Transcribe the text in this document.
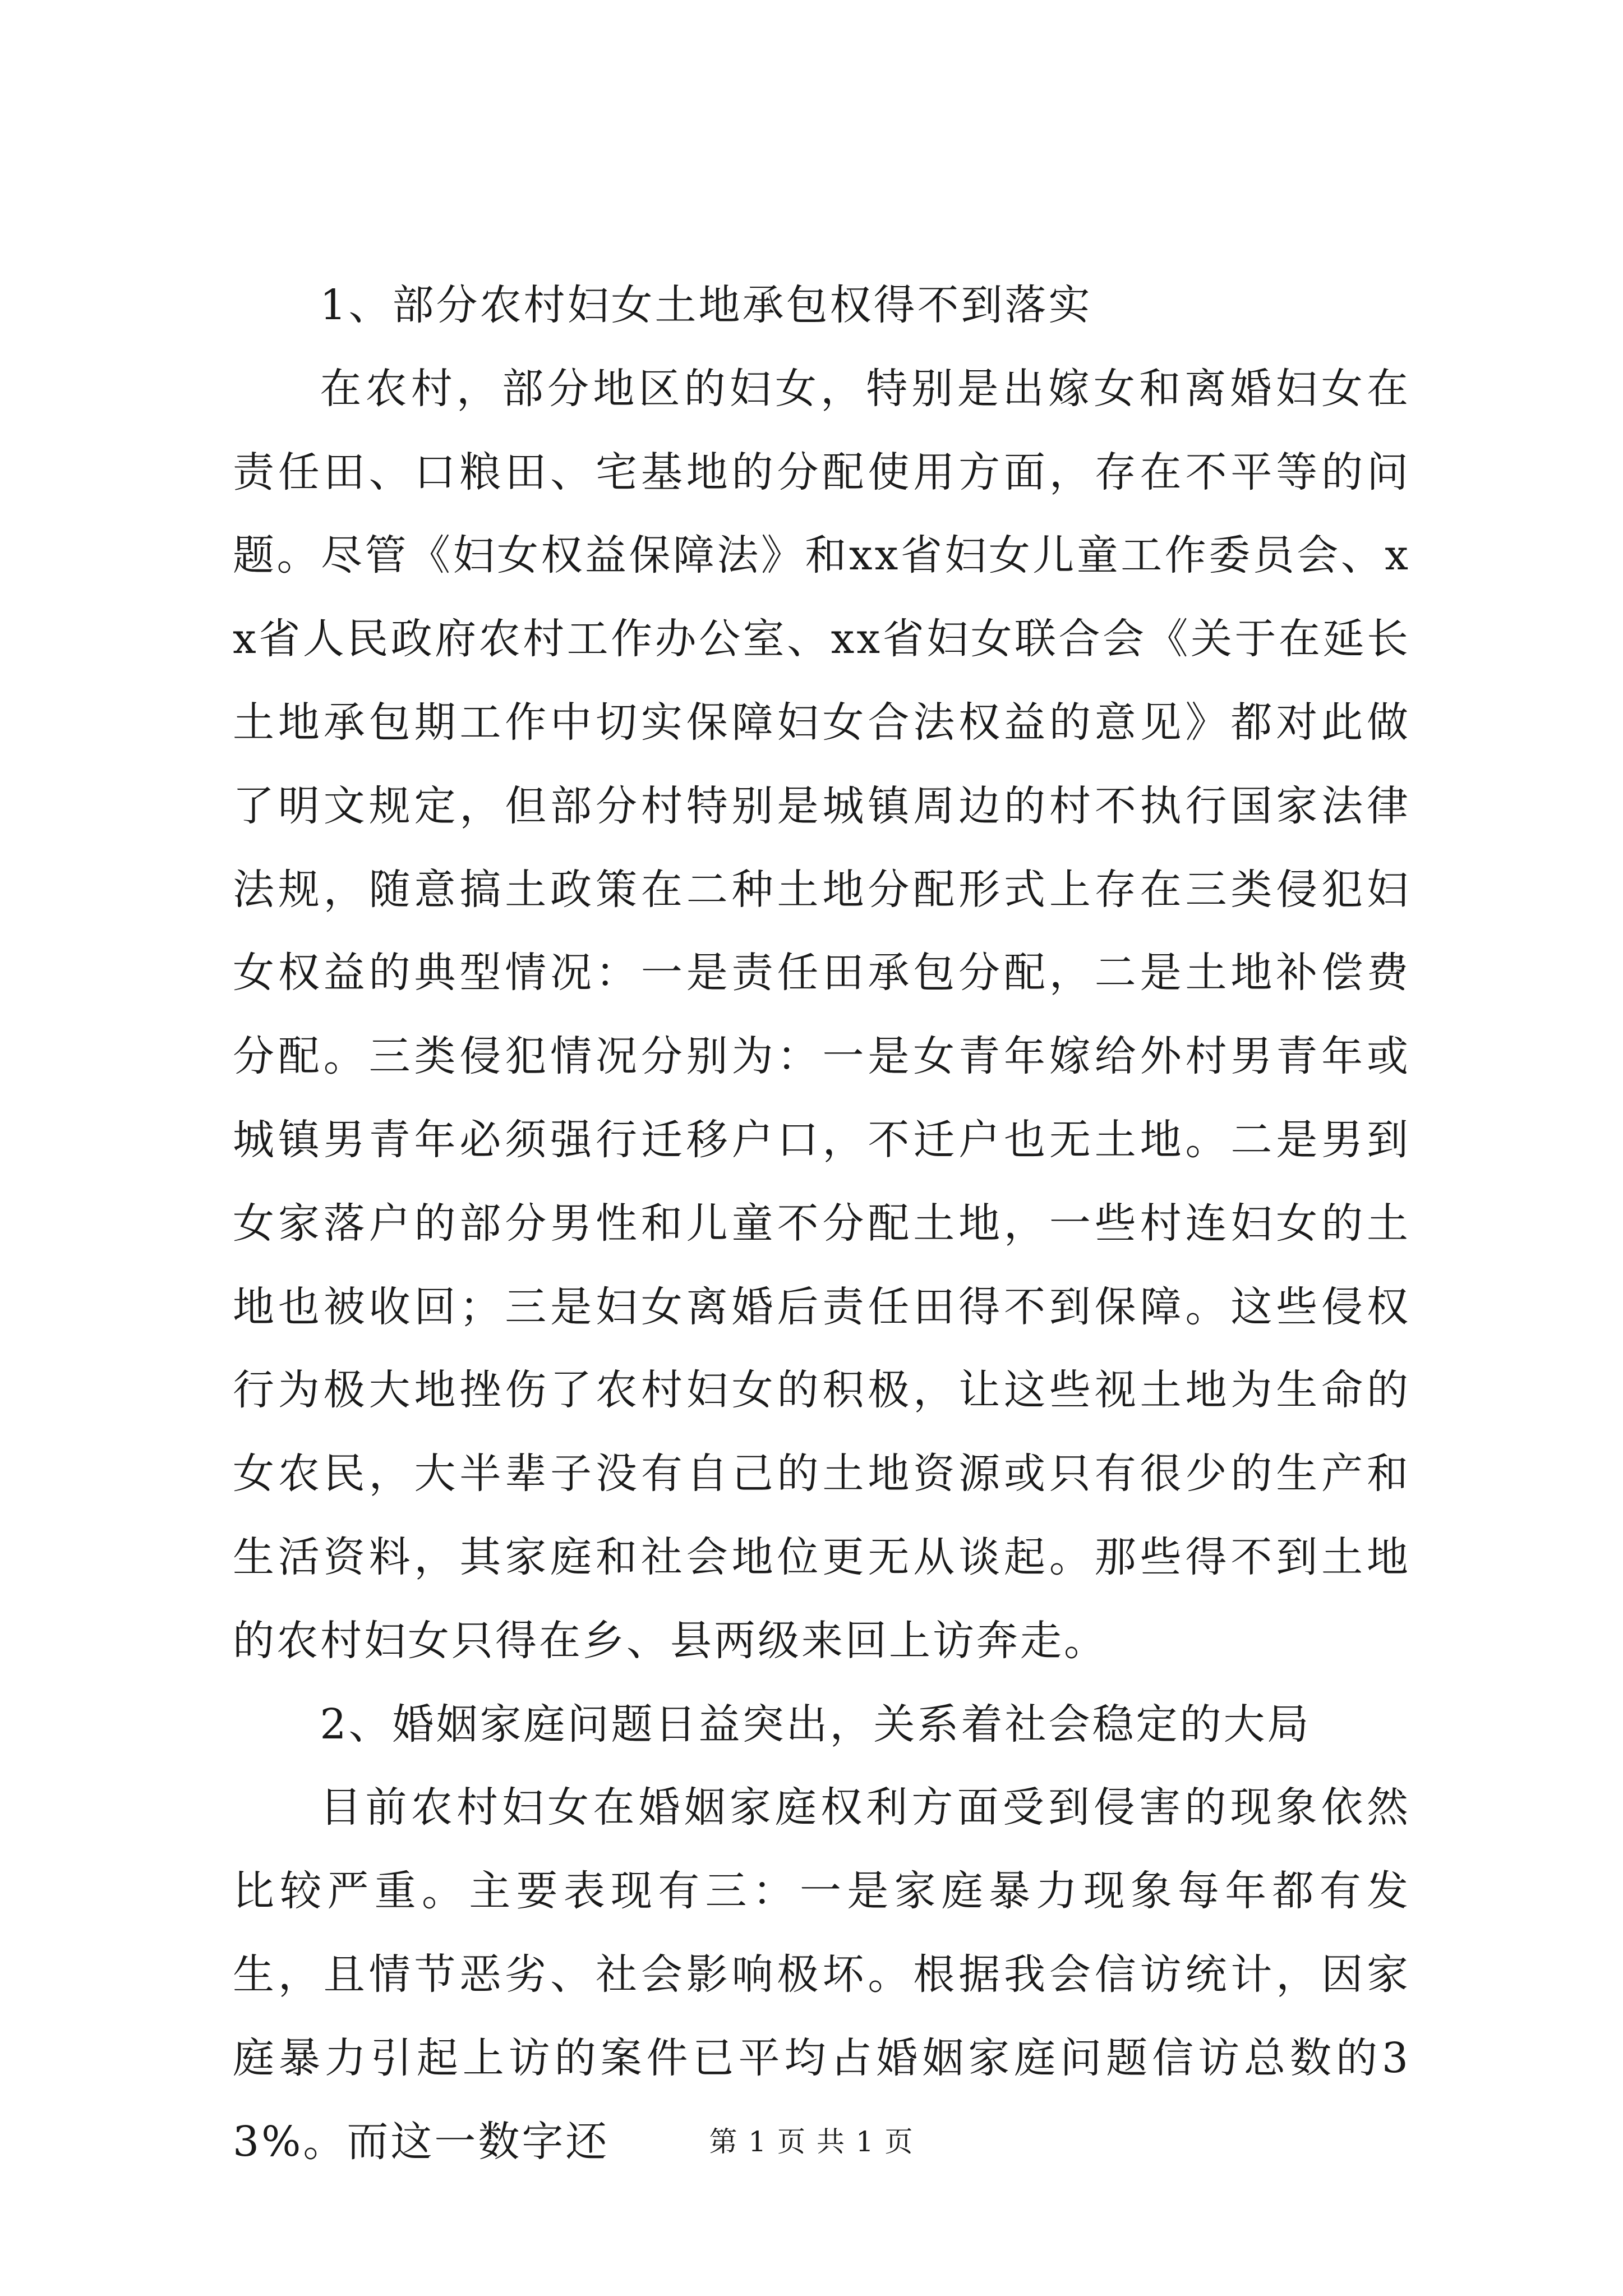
1、部分农村妇女土地承包权得不到落实

在农村，部分地区的妇女，特别是出嫁女和离婚妇女在责任田、口粮田、宅基地的分配使用方面，存在不平等的问题。尽管《妇女权益保障法》和xx省妇女儿童工作委员会、xx省人民政府农村工作办公室、xx省妇女联合会《关于在延长土地承包期工作中切实保障妇女合法权益的意见》都对此做了明文规定，但部分村特别是城镇周边的村不执行国家法律法规，随意搞土政策在二种土地分配形式上存在三类侵犯妇女权益的典型情况：一是责任田承包分配，二是土地补偿费分配。三类侵犯情况分别为：一是女青年嫁给外村男青年或城镇男青年必须强行迁移户口，不迁户也无土地。二是男到女家落户的部分男性和儿童不分配土地，一些村连妇女的土地也被收回；三是妇女离婚后责任田得不到保障。这些侵权行为极大地挫伤了农村妇女的积极，让这些视土地为生命的女农民，大半辈子没有自己的土地资源或只有很少的生产和生活资料，其家庭和社会地位更无从谈起。那些得不到土地的农村妇女只得在乡、县两级来回上访奔走。

2、婚姻家庭问题日益突出，关系着社会稳定的大局

目前农村妇女在婚姻家庭权利方面受到侵害的现象依然比较严重。主要表现有三：一是家庭暴力现象每年都有发生，且情节恶劣、社会影响极坏。根据我会信访统计，因家庭暴力引起上访的案件已平均占婚姻家庭问题信访总数的33%。而这一数字还	第 1 页 共 1 页
